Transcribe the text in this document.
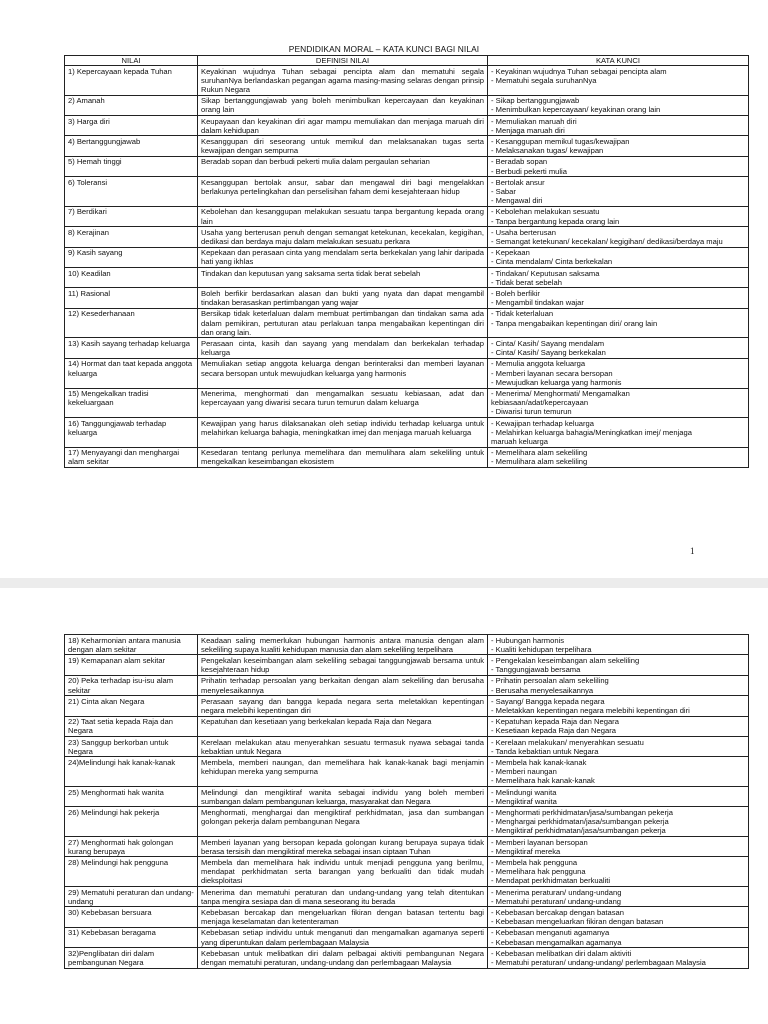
PENDIDIKAN MORAL – KATA KUNCI BAGI NILAI
NILAI	DEFINISI NILAI	KATA KUNCI
1) Kepercayaan kepada Tuhan	Keyakinan wujudnya Tuhan sebagai pencipta alam dan mematuhi segala suruhanNya berlandaskan pegangan agama masing-masing selaras dengan prinsip Rukun Negara	- Keyakinan wujudnya Tuhan sebagai pencipta alam
- Mematuhi segala suruhanNya

2) Amanah	Sikap bertanggungjawab yang boleh menimbulkan kepercayaan dan keyakinan orang lain	- Sikap bertanggungjawab
- Menimbulkan kepercayaan/ keyakinan orang lain

3) Harga diri	Keupayaan dan keyakinan diri agar mampu memuliakan dan menjaga maruah diri dalam kehidupan	- Memuliakan maruah diri
- Menjaga maruah diri

4) Bertanggungjawab	Kesanggupan diri seseorang untuk memikul dan melaksanakan tugas serta kewajipan dengan sempurna	- Kesanggupan memikul tugas/kewajipan
- Melaksanakan tugas/ kewajipan

5) Hemah tinggi	Beradab sopan dan berbudi pekerti mulia dalam pergaulan seharian	- Beradab sopan
- Berbudi pekerti mulia

6) Toleransi	Kesanggupan bertolak ansur, sabar dan mengawal diri bagi mengelakkan berlakunya pertelingkahan dan perselisihan faham demi kesejahteraan hidup	- Bertolak ansur
- Sabar
- Mengawal diri

7) Berdikari	Kebolehan dan kesanggupan melakukan sesuatu tanpa bergantung kepada orang lain	- Kebolehan melakukan sesuatu
- Tanpa bergantung kepada orang lain

8) Kerajinan	Usaha yang berterusan penuh dengan semangat ketekunan, kecekalan, kegigihan, dedikasi dan berdaya maju dalam melakukan sesuatu perkara	- Usaha berterusan
- Semangat ketekunan/ kecekalan/ kegigihan/ dedikasi/berdaya maju

9) Kasih sayang	Kepekaan dan perasaan cinta yang mendalam serta berkekalan yang lahir daripada hati yang ikhlas	- Kepekaan
- Cinta mendalam/ Cinta berkekalan

10) Keadilan	Tindakan dan keputusan yang saksama serta tidak berat sebelah	- Tindakan/ Keputusan saksama
- Tidak berat sebelah

11) Rasional	Boleh berfikir berdasarkan alasan dan bukti yang nyata dan dapat mengambil tindakan berasaskan pertimbangan yang wajar	- Boleh berfikir
- Mengambil tindakan wajar

12) Kesederhanaan	Bersikap tidak keterlaluan dalam membuat pertimbangan dan tindakan sama ada dalam pemikiran, pertuturan atau perlakuan tanpa mengabaikan kepentingan diri dan orang lain.	- Tidak keterlaluan
- Tanpa mengabaikan kepentingan diri/ orang lain

13) Kasih sayang terhadap keluarga	Perasaan cinta, kasih dan sayang yang mendalam dan berkekalan terhadap keluarga	- Cinta/ Kasih/ Sayang mendalam
- Cinta/ Kasih/ Sayang berkekalan

14) Hormat dan taat kepada anggota keluarga	Memuliakan setiap anggota keluarga dengan berinteraksi dan memberi layanan secara bersopan untuk mewujudkan keluarga yang harmonis	- Memulia anggota keluarga
- Memberi layanan secara bersopan
- Mewujudkan keluarga yang harmonis

15) Mengekalkan tradisi kekeluargaan	Menerima, menghormati dan mengamalkan sesuatu kebiasaan, adat dan kepercayaan yang diwarisi secara turun temurun dalam keluarga	- Menerima/ Menghormati/ Mengamalkan
kebiasaan/adat/kepercayaan
- Diwarisi turun temurun

16) Tanggungjawab terhadap keluarga	Kewajipan yang harus dilaksanakan oleh setiap individu terhadap keluarga untuk melahirkan keluarga bahagia, meningkatkan imej dan menjaga maruah keluarga	- Kewajipan terhadap keluarga
- Melahirkan keluarga bahagia/Meningkatkan imej/ menjaga
maruah keluarga

17) Menyayangi dan menghargai alam sekitar	Kesedaran tentang perlunya memelihara dan memulihara alam sekeliling untuk mengekalkan keseimbangan ekosistem	- Memelihara alam sekeliling
- Memulihara alam sekeliling
1
18) Keharmonian antara manusia dengan alam sekitar	Keadaan saling memerlukan hubungan harmonis antara manusia dengan alam sekeliling supaya kualiti kehidupan manusia dan alam sekeliling terpelihara	- Hubungan harmonis
- Kualiti kehidupan terpelihara

19) Kemapanan alam sekitar	Pengekalan keseimbangan alam sekeliling sebagai tanggungjawab bersama untuk kesejahteraan hidup	- Pengekalan keseimbangan alam sekeliling
- Tanggungjawab bersama

20) Peka terhadap isu-isu alam sekitar	Prihatin terhadap persoalan yang berkaitan dengan alam sekeliling dan berusaha menyelesaikannya	- Prihatin persoalan alam sekeliling
- Berusaha menyelesaikannya

21) Cinta akan Negara	Perasaan sayang dan bangga kepada negara serta meletakkan kepentingan negara melebihi kepentingan diri	- Sayang/ Bangga kepada negara
- Meletakkan kepentingan negara melebihi kepentingan diri

22) Taat setia kepada Raja dan Negara	Kepatuhan dan kesetiaan yang berkekalan kepada Raja dan Negara	- Kepatuhan kepada Raja dan Negara
- Kesetiaan kepada Raja dan Negara

23) Sanggup berkorban untuk Negara	Kerelaan melakukan atau menyerahkan sesuatu termasuk nyawa sebagai tanda kebaktian untuk Negara	- Kerelaan melakukan/ menyerahkan sesuatu
- Tanda kebaktian untuk Negara

24)Melindungi hak kanak-kanak	Membela, memberi naungan, dan memelihara hak kanak-kanak bagi menjamin kehidupan mereka yang sempurna	- Membela hak kanak-kanak
- Memberi naungan
- Memelihara hak kanak-kanak

25) Menghormati hak wanita	Melindungi dan mengiktiraf wanita sebagai individu yang boleh memberi sumbangan dalam pembangunan keluarga, masyarakat dan Negara	- Melindungi wanita
- Mengiktiraf wanita

26) Melindungi hak pekerja	Menghormati, menghargai dan mengiktiraf perkhidmatan, jasa dan sumbangan golongan pekerja dalam pembangunan Negara	- Menghormati perkhidmatan/jasa/sumbangan pekerja
- Menghargai perkhidmatan/jasa/sumbangan pekerja
- Mengiktiraf perkhidmatan/jasa/sumbangan pekerja

27) Menghormati hak golongan kurang berupaya	Memberi layanan yang bersopan kepada golongan kurang berupaya supaya tidak berasa tersisih dan mengiktiraf mereka sebagai insan ciptaan Tuhan	- Memberi layanan bersopan
- Mengiktiraf mereka

28) Melindungi hak pengguna	Membela dan memelihara hak individu untuk menjadi pengguna yang berilmu, mendapat perkhidmatan serta barangan yang berkualiti dan tidak mudah dieksploitasi	- Membela hak pengguna
- Memelihara hak pengguna
- Mendapat perkhidmatan berkualiti

29) Mematuhi peraturan dan undang-undang	Menerima dan mematuhi peraturan dan undang-undang yang telah ditentukan tanpa mengira sesiapa dan di mana seseorang itu berada	- Menerima peraturan/ undang-undang
- Mematuhi peraturan/ undang-undang

30) Kebebasan bersuara	Kebebasan bercakap dan mengeluarkan fikiran dengan batasan tertentu bagi menjaga keselamatan dan ketenteraman	- Kebebasan bercakap dengan batasan
- Kebebasan mengeluarkan fikiran dengan batasan

31) Kebebasan beragama	Kebebasan setiap individu untuk menganuti dan mengamalkan agamanya seperti yang diperuntukan dalam perlembagaan Malaysia	- Kebebasan menganuti agamanya
- Kebebasan mengamalkan agamanya

32)Penglibatan diri dalam pembangunan Negara	Kebebasan untuk melibatkan diri dalam pelbagai aktiviti pembangunan Negara dengan mematuhi peraturan, undang-undang dan perlembagaan Malaysia	- Kebebasan melibatkan diri dalam aktiviti
- Mematuhi peraturan/ undang-undang/ perlembagaan Malaysia
